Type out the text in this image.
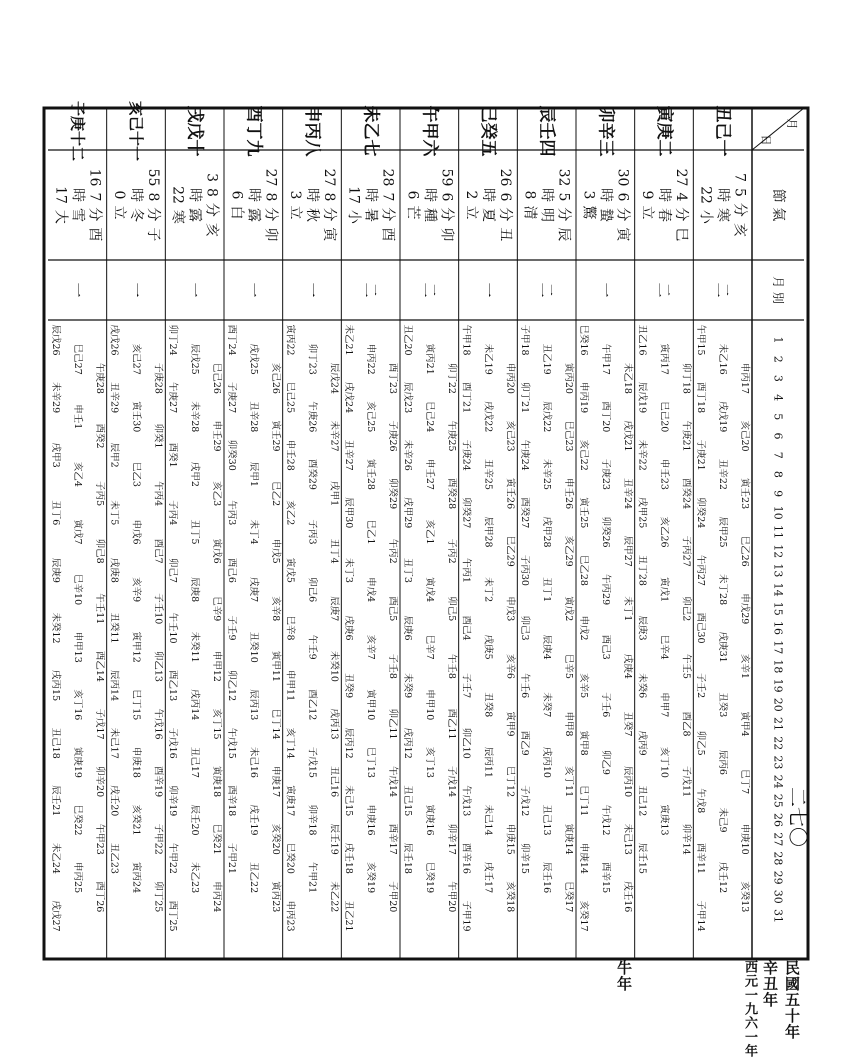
二七〇
民國五十年
辛丑年
西元一九六一年
牛年
月
日
節 氣
月 別
1
2
3
4
5
6
7
8
9
10
11
12
13
14
15
16
17
18
19
20
21
22
23
24
25
26
27
28
29
30
31
丑己一
22小
時寒
75分亥
二
午甲15
未乙16
申丙17
酉丁18
戌戊19
亥己20
子庚21
丑辛22
寅壬23
卯癸24
辰甲25
巳乙26
午丙27
未丁28
申戊29
酉己30
戌庚31
亥辛1
子壬2
丑癸3
寅甲4
卯乙5
辰丙6
巳丁7
午戊8
未己9
申庚10
酉辛11
戌壬12
亥癸13
子甲14
寅庚二
9立
時春
274分巳
二
丑乙16
寅丙17
卯丁18
辰戊19
巳己20
午庚21
未辛22
申壬23
酉癸24
戌甲25
亥乙26
子丙27
丑丁28
寅戊1
卯己2
辰庚3
巳辛4
午壬5
未癸6
申甲7
酉乙8
戌丙9
亥丁10
子戊11
丑己12
寅庚13
卯辛14
辰壬15
卯辛三
3驚
時蟄
306分寅
一
巳癸16
午甲17
未乙18
申丙19
酉丁20
戌戊21
亥己22
子庚23
丑辛24
寅壬25
卯癸26
辰甲27
巳乙28
午丙29
未丁1
申戊2
酉己3
戌庚4
亥辛5
子壬6
丑癸7
寅甲8
卯乙9
辰丙10
巳丁11
午戊12
未己13
申庚14
酉辛15
戌壬16
亥癸17
辰壬四
8清
時明
325分辰
二
子甲18
丑乙19
寅丙20
卯丁21
辰戊22
巳己23
午庚24
未辛25
申壬26
酉癸27
戌甲28
亥乙29
子丙30
丑丁1
寅戊2
卯己3
辰庚4
巳辛5
午壬6
未癸7
申甲8
酉乙9
戌丙10
亥丁11
子戊12
丑己13
寅庚14
卯辛15
辰壬16
巳癸17
巳癸五
2立
時夏
266分丑
一
午甲18
未乙19
申丙20
酉丁21
戌戊22
亥己23
子庚24
丑辛25
寅壬26
卯癸27
辰甲28
巳乙29
午丙1
未丁2
申戊3
酉己4
戌庚5
亥辛6
子壬7
丑癸8
寅甲9
卯乙10
辰丙11
巳丁12
午戊13
未己14
申庚15
酉辛16
戌壬17
亥癸18
子甲19
午甲六
6芒
時種
596分卯
二
丑乙20
寅丙21
卯丁22
辰戊23
巳己24
午庚25
未辛26
申壬27
酉癸28
戌甲29
亥乙1
子丙2
丑丁3
寅戊4
卯己5
辰庚6
巳辛7
午壬8
未癸9
申甲10
酉乙11
戌丙12
亥丁13
子戊14
丑己15
寅庚16
卯辛17
辰壬18
巳癸19
午甲20
未乙七
17小
時暑
287分酉
二
未乙21
申丙22
酉丁23
戌戊24
亥己25
子庚26
丑辛27
寅壬28
卯癸29
辰甲30
巳乙1
午丙2
未丁3
申戊4
酉己5
戌庚6
亥辛7
子壬8
丑癸9
寅甲10
卯乙11
辰丙12
巳丁13
午戊14
未己15
申庚16
酉辛17
戌壬18
亥癸19
子甲20
丑乙21
申丙八
3立
時秋
278分寅
一
寅丙22
卯丁23
辰戊24
巳己25
午庚26
未辛27
申壬28
酉癸29
戌甲1
亥乙2
子丙3
丑丁4
寅戊5
卯己6
辰庚7
巳辛8
午壬9
未癸10
申甲11
酉乙12
戌丙13
亥丁14
子戊15
丑己16
寅庚17
卯辛18
辰壬19
巳癸20
午甲21
未乙22
申丙23
酉丁九
6白
時露
278分卯
一
酉丁24
戌戊25
亥己26
子庚27
丑辛28
寅壬29
卯癸30
辰甲1
巳乙2
午丙3
未丁4
申戊5
酉己6
戌庚7
亥辛8
子壬9
丑癸10
寅甲11
卯乙12
辰丙13
巳丁14
午戊15
未己16
申庚17
酉辛18
戌壬19
亥癸20
子甲21
丑乙22
寅丙23
戌戊十
22寒
時露
38分亥
一
卯丁24
辰戊25
巳己26
午庚27
未辛28
申壬29
酉癸1
戌甲2
亥乙3
子丙4
丑丁5
寅戊6
卯己7
辰庚8
巳辛9
午壬10
未癸11
申甲12
酉乙13
戌丙14
亥丁15
子戊16
丑己17
寅庚18
卯辛19
辰壬20
巳癸21
午甲22
未乙23
申丙24
酉丁25
亥己十一
0立
時冬
558分子
一
戌戊26
亥己27
子庚28
丑辛29
寅壬30
卯癸1
辰甲2
巳乙3
午丙4
未丁5
申戊6
酉己7
戌庚8
亥辛9
子壬10
丑癸11
寅甲12
卯乙13
辰丙14
巳丁15
午戊16
未己17
申庚18
酉辛19
戌壬20
亥癸21
子甲22
丑乙23
寅丙24
卯丁25
子庚十二
17大
時雪
167分酉
一
辰戊26
巳己27
午庚28
未辛29
申壬1
酉癸2
戌甲3
亥乙4
子丙5
丑丁6
寅戊7
卯己8
辰庚9
巳辛10
午壬11
未癸12
申甲13
酉乙14
戌丙15
亥丁16
子戊17
丑己18
寅庚19
卯辛20
辰壬21
巳癸22
午甲23
未乙24
申丙25
酉丁26
戌戊27
